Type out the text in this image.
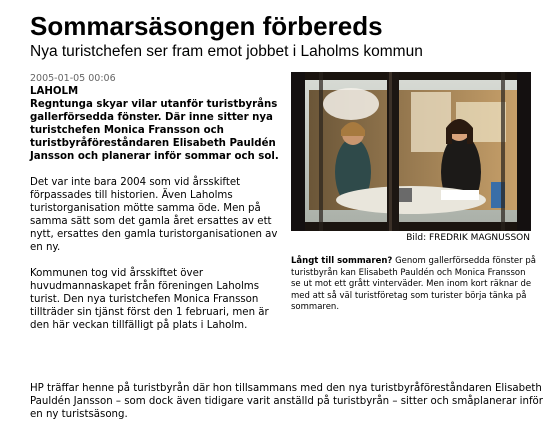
Sommarsäsongen förbereds
Nya turistchefen ser fram emot jobbet i Laholms kommun
2005-01-05 00:06

LAHOLM

Regntunga skyar vilar utanför turistbyråns gallerförsedda fönster. Där inne sitter nya turistchefen Monica Fransson och turistbyråföreståndaren Elisabeth Pauldén Jansson och planerar inför sommar och sol.

Det var inte bara 2004 som vid årsskiftet förpassades till historien. Även Laholms turistorganisation mötte samma öde. Men på samma sätt som det gamla året ersattes av ett nytt, ersattes den gamla turistorganisationen av en ny.

Kommunen tog vid årsskiftet över huvudmannaskapet från föreningen Laholms turist. Den nya turistchefen Monica Fransson tillträder sin tjänst först den 1 februari, men är den här veckan tillfälligt på plats i Laholm.

HP träffar henne på turistbyrån där hon tillsammans med den nya turistbyråföreståndaren Elisabeth Pauldén Jansson – som dock även tidigare varit anställd på turistbyrån – sitter och småplanerar inför en ny turistsäsong.

Bild: FREDRIK MAGNUSSON
Långt till sommaren? Genom gallerförsedda fönster på turistbyrån kan Elisabeth Pauldén och Monica Fransson se ut mot ett grått vinterväder. Men inom kort räknar de med att så väl turistföretag som turister börja tänka på sommaren.
